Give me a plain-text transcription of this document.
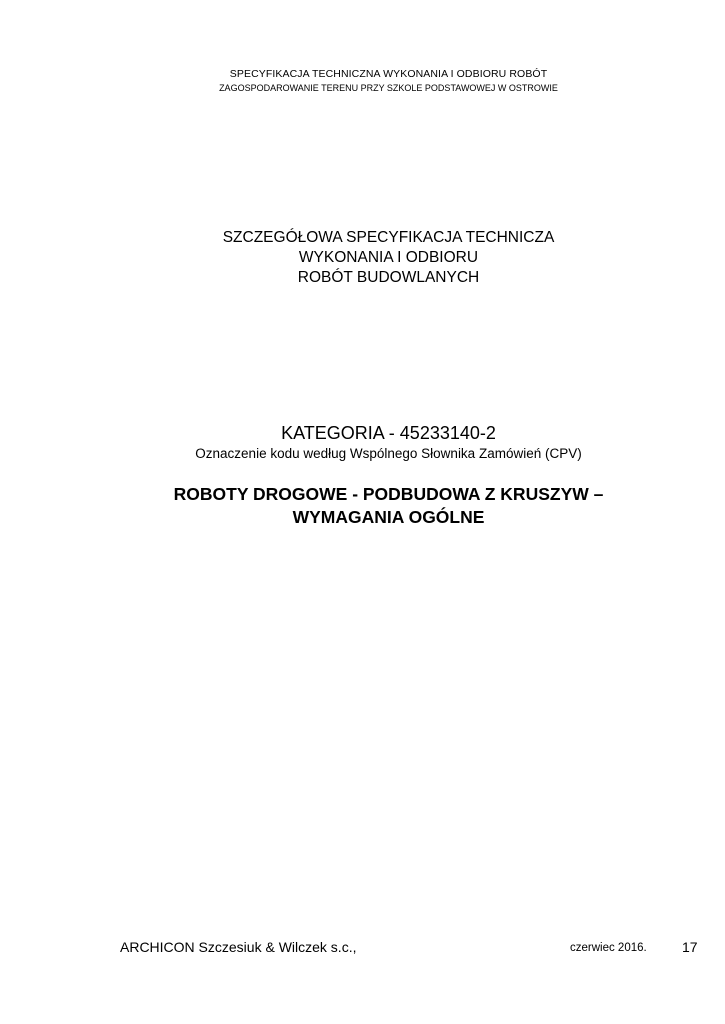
SPECYFIKACJA TECHNICZNA WYKONANIA I ODBIORU ROBÓT
ZAGOSPODAROWANIE TERENU PRZY SZKOLE PODSTAWOWEJ W OSTROWIE
SZCZEGÓŁOWA SPECYFIKACJA TECHNICZA
WYKONANIA I ODBIORU
ROBÓT BUDOWLANYCH
KATEGORIA - 45233140-2
Oznaczenie kodu według Wspólnego Słownika Zamówień (CPV)
ROBOTY DROGOWE - PODBUDOWA Z KRUSZYW –
WYMAGANIA OGÓLNE
ARCHICON Szczesiuk & Wilczek s.c.,	czerwiec 2016.	17
